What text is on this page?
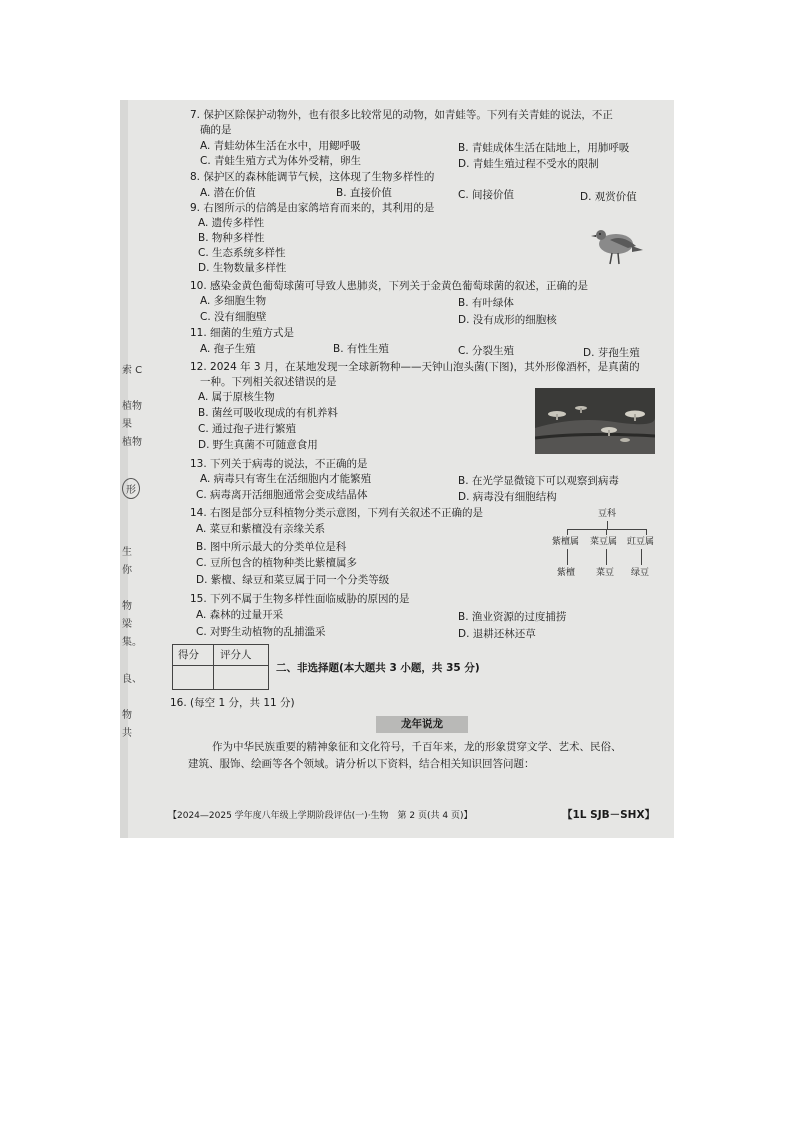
索 C
植物
果
植物
形
生
你
物
梁
集。
良、
物
共
7. 保护区除保护动物外，也有很多比较常见的动物，如青蛙等。下列有关青蛙的说法，不正
确的是
A. 青蛙幼体生活在水中，用鳃呼吸	B. 青蛙成体生活在陆地上，用肺呼吸
C. 青蛙生殖方式为体外受精，卵生	D. 青蛙生殖过程不受水的限制
8. 保护区的森林能调节气候，这体现了生物多样性的
A. 潜在价值	B. 直接价值	C. 间接价值	D. 观赏价值
9. 右图所示的信鸽是由家鸽培育而来的，其利用的是
A. 遗传多样性
B. 物种多样性
C. 生态系统多样性
D. 生物数量多样性
10. 感染金黄色葡萄球菌可导致人患肺炎，下列关于金黄色葡萄球菌的叙述，正确的是
A. 多细胞生物	B. 有叶绿体
C. 没有细胞壁	D. 没有成形的细胞核
11. 细菌的生殖方式是
A. 孢子生殖	B. 有性生殖	C. 分裂生殖	D. 芽孢生殖
12. 2024 年 3 月，在某地发现一全球新物种——天钟山泡头菌(下图)，其外形像酒杯，是真菌的
一种。下列相关叙述错误的是
A. 属于原核生物
B. 菌丝可吸收现成的有机养料
C. 通过孢子进行繁殖
D. 野生真菌不可随意食用
13. 下列关于病毒的说法，不正确的是
A. 病毒只有寄生在活细胞内才能繁殖	B. 在光学显微镜下可以观察到病毒
C. 病毒离开活细胞通常会变成结晶体	D. 病毒没有细胞结构
14. 右图是部分豆科植物分类示意图，下列有关叙述不正确的是
A. 菜豆和紫檀没有亲缘关系
B. 图中所示最大的分类单位是科
C. 豆所包含的植物种类比紫檀属多
D. 紫檀、绿豆和菜豆属于同一个分类等级
豆科
紫檀属 菜豆属 豇豆属
紫檀 菜豆 绿豆
15. 下列不属于生物多样性面临威胁的原因的是
A. 森林的过量开采	B. 渔业资源的过度捕捞
C. 对野生动植物的乱捕滥采	D. 退耕还林还草
得分 评分人
二、非选择题(本大题共 3 小题，共 35 分)
16. (每空 1 分，共 11 分)
龙年说龙
作为中华民族重要的精神象征和文化符号，千百年来，龙的形象贯穿文学、艺术、民俗、
建筑、服饰、绘画等各个领域。请分析以下资料，结合相关知识回答问题：
【2024—2025 学年度八年级上学期阶段评估(一)·生物　第 2 页(共 4 页)】	【1L SJB－SHX】
